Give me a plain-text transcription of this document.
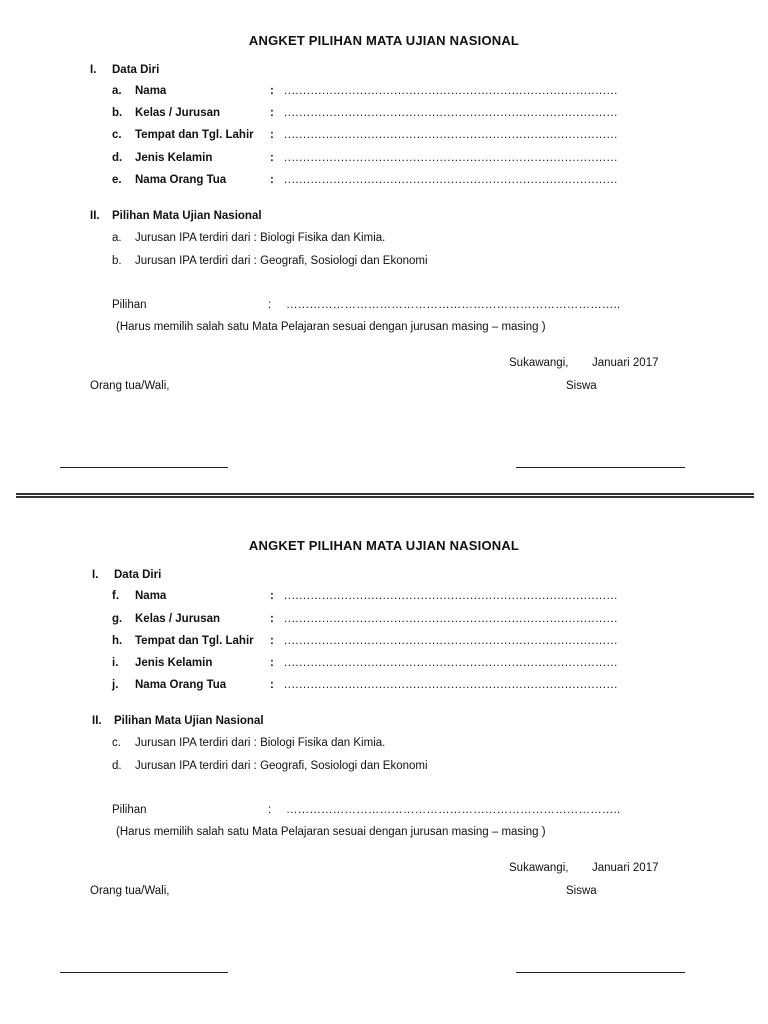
ANGKET PILIHAN MATA UJIAN NASIONAL
I. Data Diri
a. Nama	: ........................................................................................
b. Kelas / Jurusan	: ........................................................................................
c. Tempat dan Tgl. Lahir : ........................................................................................
d. Jenis Kelamin	: ........................................................................................
e. Nama Orang Tua	: ........................................................................................
II. Pilihan Mata Ujian Nasional
a. Jurusan IPA terdiri dari : Biologi Fisika dan Kimia.
b. Jurusan IPA terdiri dari : Geografi, Sosiologi dan Ekonomi
Pilihan	: …………………………………………………………………………..
(Harus memilih salah satu Mata Pelajaran sesuai dengan jurusan masing – masing )
Sukawangi, Januari 2017
Orang tua/Wali,	Siswa
ANGKET PILIHAN MATA UJIAN NASIONAL
I. Data Diri
f. Nama	: ........................................................................................
g. Kelas / Jurusan	: ........................................................................................
h. Tempat dan Tgl. Lahir : ........................................................................................
i. Jenis Kelamin	: ........................................................................................
j. Nama Orang Tua	: ........................................................................................
II. Pilihan Mata Ujian Nasional
c. Jurusan IPA terdiri dari : Biologi Fisika dan Kimia.
d. Jurusan IPA terdiri dari : Geografi, Sosiologi dan Ekonomi
Pilihan	: …………………………………………………………………………..
(Harus memilih salah satu Mata Pelajaran sesuai dengan jurusan masing – masing )
Sukawangi, Januari 2017
Orang tua/Wali,	Siswa
